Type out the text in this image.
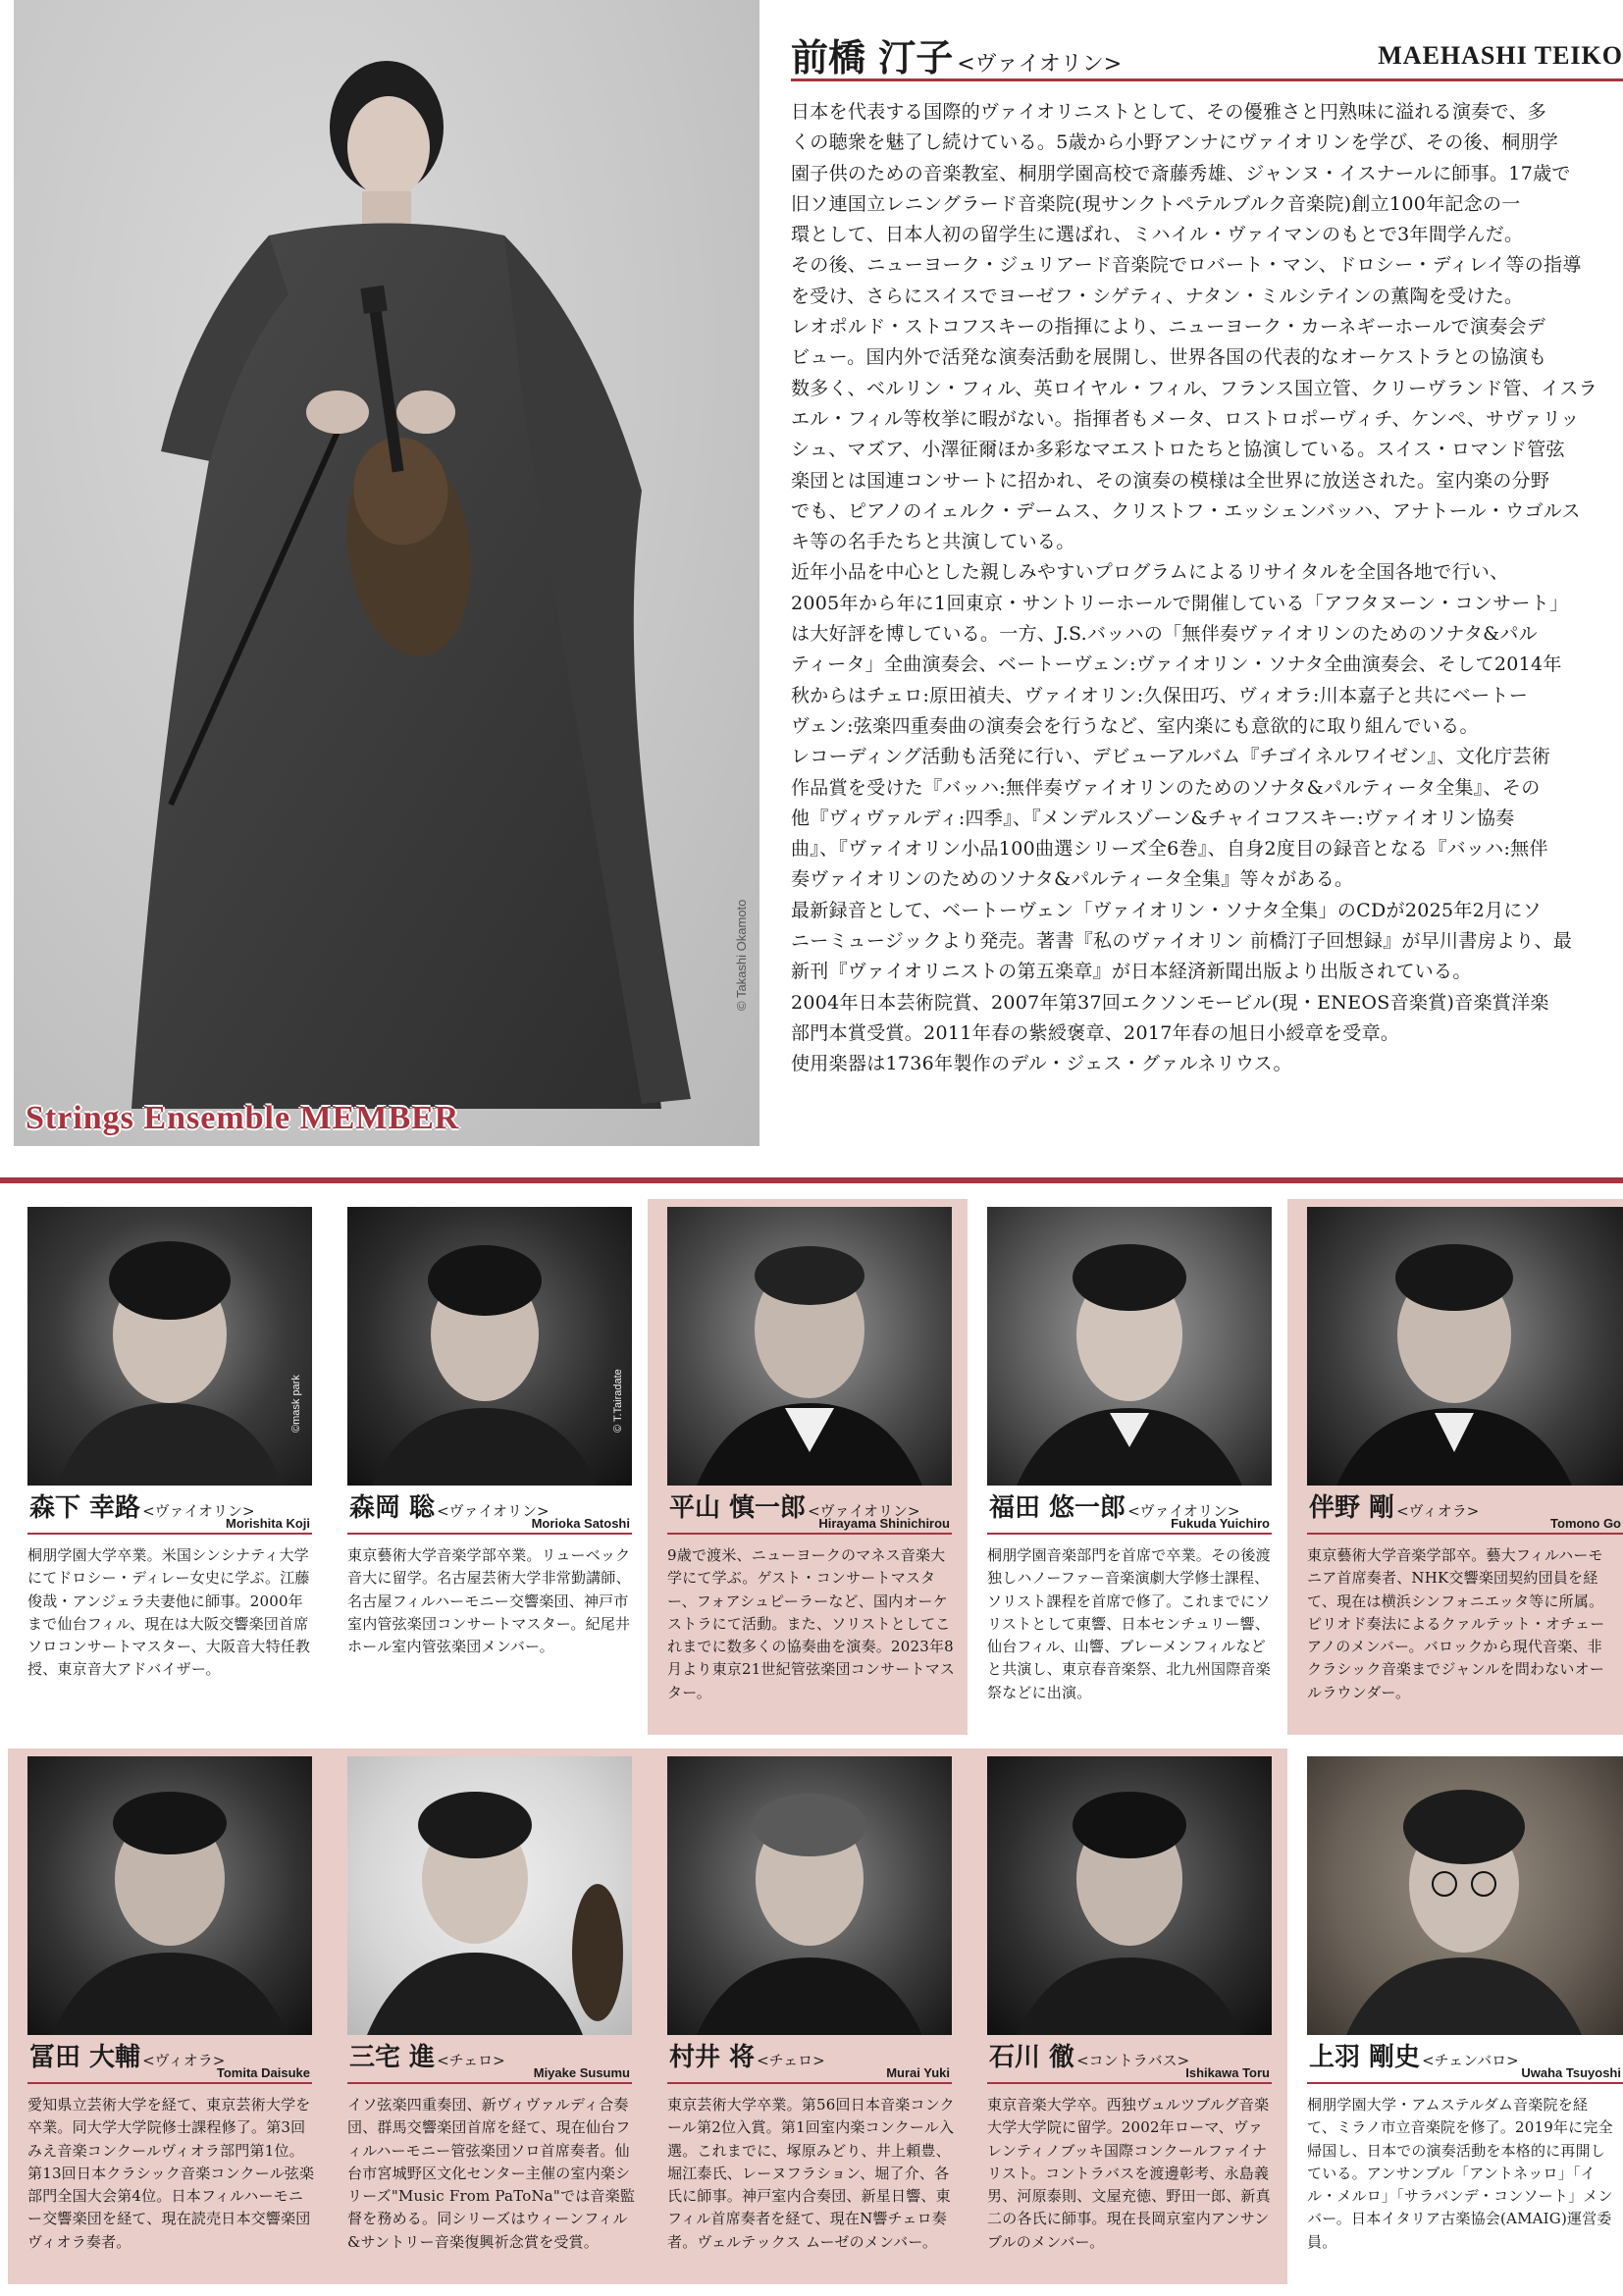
© Takashi Okamoto
Strings Ensemble MEMBER
前橋 汀子 <ヴァイオリン>	MAEHASHI TEIKO
日本を代表する国際的ヴァイオリニストとして、その優雅さと円熟味に溢れる演奏で、多
くの聴衆を魅了し続けている。5歳から小野アンナにヴァイオリンを学び、その後、桐朋学
園子供のための音楽教室、桐朋学園高校で斎藤秀雄、ジャンヌ・イスナールに師事。17歳で
旧ソ連国立レニングラード音楽院(現サンクトペテルブルク音楽院)創立100年記念の一
環として、日本人初の留学生に選ばれ、ミハイル・ヴァイマンのもとで3年間学んだ。
その後、ニューヨーク・ジュリアード音楽院でロバート・マン、ドロシー・ディレイ等の指導
を受け、さらにスイスでヨーゼフ・シゲティ、ナタン・ミルシテインの薫陶を受けた。
レオポルド・ストコフスキーの指揮により、ニューヨーク・カーネギーホールで演奏会デ
ビュー。国内外で活発な演奏活動を展開し、世界各国の代表的なオーケストラとの協演も
数多く、ベルリン・フィル、英ロイヤル・フィル、フランス国立管、クリーヴランド管、イスラ
エル・フィル等枚挙に暇がない。指揮者もメータ、ロストロポーヴィチ、ケンペ、サヴァリッ
シュ、マズア、小澤征爾ほか多彩なマエストロたちと協演している。スイス・ロマンド管弦
楽団とは国連コンサートに招かれ、その演奏の模様は全世界に放送された。室内楽の分野
でも、ピアノのイェルク・デームス、クリストフ・エッシェンバッハ、アナトール・ウゴルス
キ等の名手たちと共演している。
近年小品を中心とした親しみやすいプログラムによるリサイタルを全国各地で行い、
2005年から年に1回東京・サントリーホールで開催している「アフタヌーン・コンサート」
は大好評を博している。一方、J.S.バッハの「無伴奏ヴァイオリンのためのソナタ&パル
ティータ」全曲演奏会、ベートーヴェン:ヴァイオリン・ソナタ全曲演奏会、そして2014年
秋からはチェロ:原田禎夫、ヴァイオリン:久保田巧、ヴィオラ:川本嘉子と共にベートー
ヴェン:弦楽四重奏曲の演奏会を行うなど、室内楽にも意欲的に取り組んでいる。
レコーディング活動も活発に行い、デビューアルバム『チゴイネルワイゼン』、文化庁芸術
作品賞を受けた『バッハ:無伴奏ヴァイオリンのためのソナタ&パルティータ全集』、その
他『ヴィヴァルディ:四季』、『メンデルスゾーン&チャイコフスキー:ヴァイオリン協奏
曲』、『ヴァイオリン小品100曲選シリーズ全6巻』、自身2度目の録音となる『バッハ:無伴
奏ヴァイオリンのためのソナタ&パルティータ全集』等々がある。
最新録音として、ベートーヴェン「ヴァイオリン・ソナタ全集」のCDが2025年2月にソ
ニーミュージックより発売。著書『私のヴァイオリン 前橋汀子回想録』が早川書房より、最
新刊『ヴァイオリニストの第五楽章』が日本経済新聞出版より出版されている。
2004年日本芸術院賞、2007年第37回エクソンモービル(現・ENEOS音楽賞)音楽賞洋楽
部門本賞受賞。2011年春の紫綬褒章、2017年春の旭日小綬章を受章。
使用楽器は1736年製作のデル・ジェス・グァルネリウス。
©mask park
森下 幸路 <ヴァイオリン>
Morishita Koji
桐朋学園大学卒業。米国シンシナティ大学にてドロシー・ディレー女史に学ぶ。江藤俊哉・アンジェラ夫妻他に師事。2000年まで仙台フィル、現在は大阪交響楽団首席ソロコンサートマスター、大阪音大特任教授、東京音大アドバイザー。
© T.Tairadate
森岡 聡 <ヴァイオリン>
Morioka Satoshi
東京藝術大学音楽学部卒業。リューベック音大に留学。名古屋芸術大学非常勤講師、名古屋フィルハーモニー交響楽団、神戸市室内管弦楽団コンサートマスター。紀尾井ホール室内管弦楽団メンバー。
平山 慎一郎 <ヴァイオリン>
Hirayama Shinichirou
9歳で渡米、ニューヨークのマネス音楽大学にて学ぶ。ゲスト・コンサートマスター、フォアシュピーラーなど、国内オーケストラにて活動。また、ソリストとしてこれまでに数多くの協奏曲を演奏。2023年8月より東京21世紀管弦楽団コンサートマスター。
福田 悠一郎 <ヴァイオリン>
Fukuda Yuichiro
桐朋学園音楽部門を首席で卒業。その後渡独しハノーファー音楽演劇大学修士課程、ソリスト課程を首席で修了。これまでにソリストとして東響、日本センチュリー響、仙台フィル、山響、ブレーメンフィルなどと共演し、東京春音楽祭、北九州国際音楽祭などに出演。
伴野 剛 <ヴィオラ>
Tomono Go
東京藝術大学音楽学部卒。藝大フィルハーモニア首席奏者、NHK交響楽団契約団員を経て、現在は横浜シンフォニエッタ等に所属。ピリオド奏法によるクァルテット・オチェーアノのメンバー。バロックから現代音楽、非クラシック音楽までジャンルを問わないオールラウンダー。
冨田 大輔 <ヴィオラ>
Tomita Daisuke
愛知県立芸術大学を経て、東京芸術大学を卒業。同大学大学院修士課程修了。第3回みえ音楽コンクールヴィオラ部門第1位。第13回日本クラシック音楽コンクール弦楽部門全国大会第4位。日本フィルハーモニー交響楽団を経て、現在読売日本交響楽団ヴィオラ奏者。
三宅 進 <チェロ>
Miyake Susumu
イソ弦楽四重奏団、新ヴィヴァルディ合奏団、群馬交響楽団首席を経て、現在仙台フィルハーモニー管弦楽団ソロ首席奏者。仙台市宮城野区文化センター主催の室内楽シリーズ"Music From PaToNa"では音楽監督を務める。同シリーズはウィーンフィル&サントリー音楽復興祈念賞を受賞。
村井 将 <チェロ>
Murai Yuki
東京芸術大学卒業。第56回日本音楽コンクール第2位入賞。第1回室内楽コンクール入選。これまでに、塚原みどり、井上頼豊、堀江泰氏、レーヌフラション、堀了介、各氏に師事。神戸室内合奏団、新星日響、東フィル首席奏者を経て、現在N響チェロ奏者。ヴェルテックス ムーゼのメンバー。
石川 徹 <コントラバス>
Ishikawa Toru
東京音楽大学卒。西独ヴュルツブルグ音楽大学大学院に留学。2002年ローマ、ヴァレンティノブッキ国際コンクールファイナリスト。コントラバスを渡邊彰考、永島義男、河原泰則、文屋充徳、野田一郎、新真二の各氏に師事。現在長岡京室内アンサンブルのメンバー。
上羽 剛史 <チェンバロ>
Uwaha Tsuyoshi
桐朋学園大学・アムステルダム音楽院を経て、ミラノ市立音楽院を修了。2019年に完全帰国し、日本での演奏活動を本格的に再開している。アンサンブル「アントネッロ」「イル・メルロ」「サラバンデ・コンソート」メンバー。日本イタリア古楽協会(AMAIG)運営委員。
